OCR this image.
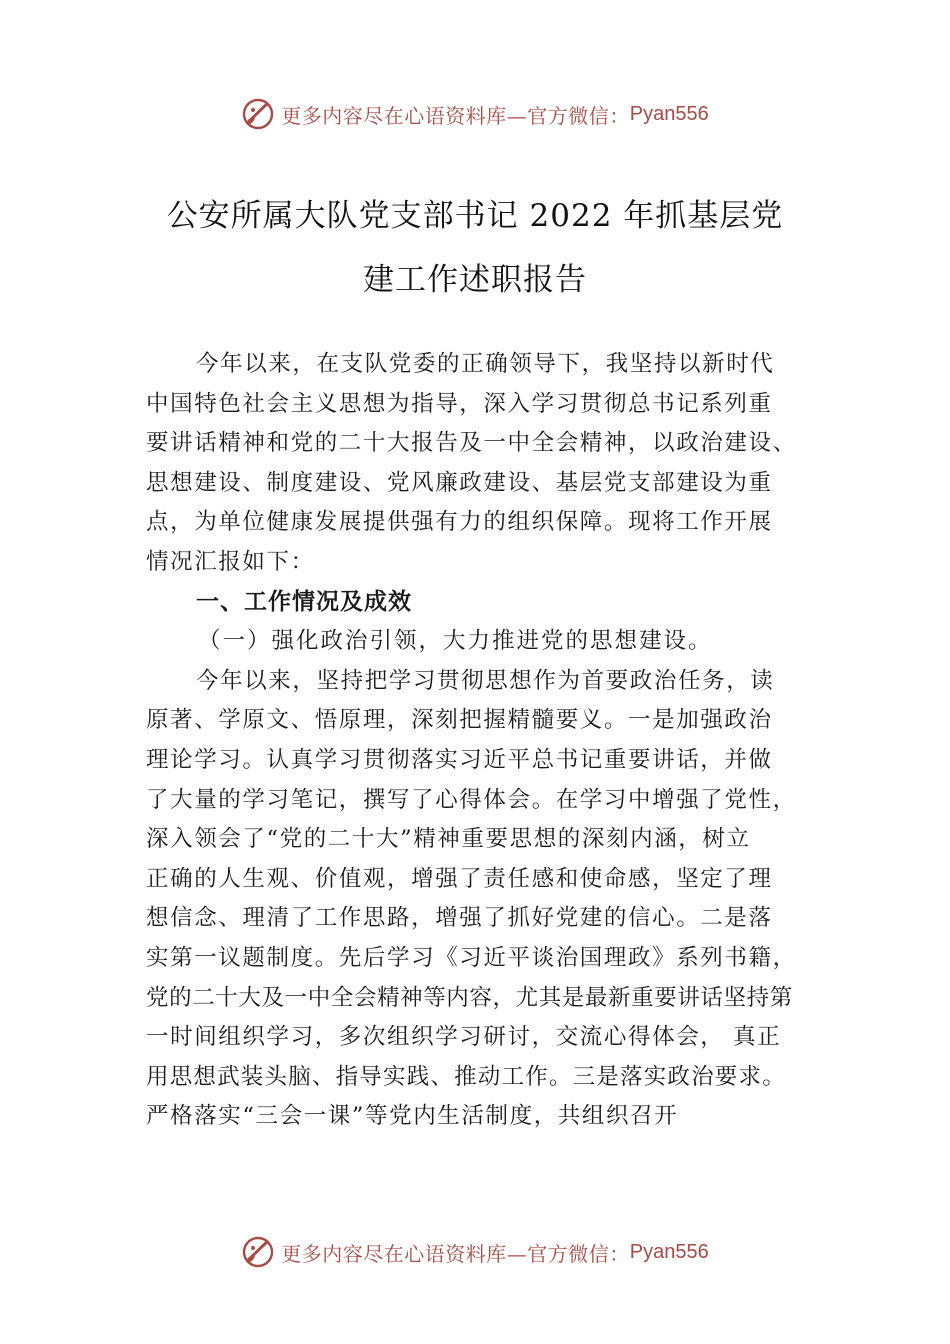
更多内容尽在心语资料库—官方微信： Pyan556
公安所属大队党支部书记 2022 年抓基层党
建工作述职报告
今年以来，在支队党委的正确领导下，我坚持以新时代
中国特色社会主义思想为指导，深入学习贯彻总书记系列重
要讲话精神和党的二十大报告及一中全会精神，以政治建设、
思想建设、制度建设、党风廉政建设、基层党支部建设为重
点，为单位健康发展提供强有力的组织保障。现将工作开展
情况汇报如下：
一、工作情况及成效
（一）强化政治引领，大力推进党的思想建设。
今年以来，坚持把学习贯彻思想作为首要政治任务，读
原著、学原文、悟原理，深刻把握精髓要义。一是加强政治
理论学习。认真学习贯彻落实习近平总书记重要讲话，并做
了大量的学习笔记，撰写了心得体会。在学习中增强了党性，
深入领会了“党的二十大”精神重要思想的深刻内涵，树立
正确的人生观、价值观，增强了责任感和使命感，坚定了理
想信念、理清了工作思路，增强了抓好党建的信心。二是落
实第一议题制度。先后学习《习近平谈治国理政》系列书籍，
党的二十大及一中全会精神等内容，尤其是最新重要讲话坚持第
一时间组织学习，多次组织学习研讨，交流心得体会， 真正
用思想武装头脑、指导实践、推动工作。三是落实政治要求。
严格落实“三会一课”等党内生活制度，共组织召开
更多内容尽在心语资料库—官方微信： Pyan556
